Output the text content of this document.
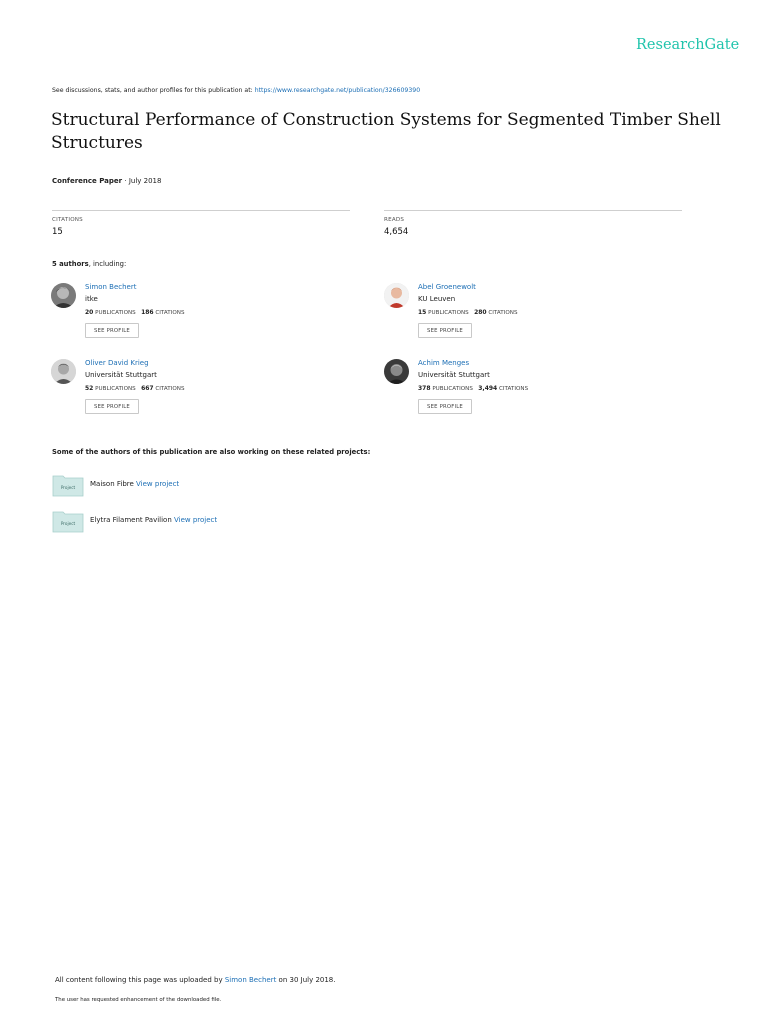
ResearchGate
See discussions, stats, and author profiles for this publication at: https://www.researchgate.net/publication/326609390
Structural Performance of Construction Systems for Segmented Timber Shell Structures
Conference Paper · July 2018
CITATIONS
15
READS
4,654
5 authors, including:
Simon Bechert
itke
20 PUBLICATIONS 186 CITATIONS
SEE PROFILE
Abel Groenewolt
KU Leuven
15 PUBLICATIONS 280 CITATIONS
SEE PROFILE
Oliver David Krieg
Universität Stuttgart
52 PUBLICATIONS 667 CITATIONS
SEE PROFILE
Achim Menges
Universität Stuttgart
378 PUBLICATIONS 3,494 CITATIONS
SEE PROFILE
Some of the authors of this publication are also working on these related projects:
Project Maison Fibre View project
Project Elytra Filament Pavilion View project
All content following this page was uploaded by Simon Bechert on 30 July 2018.
The user has requested enhancement of the downloaded file.
